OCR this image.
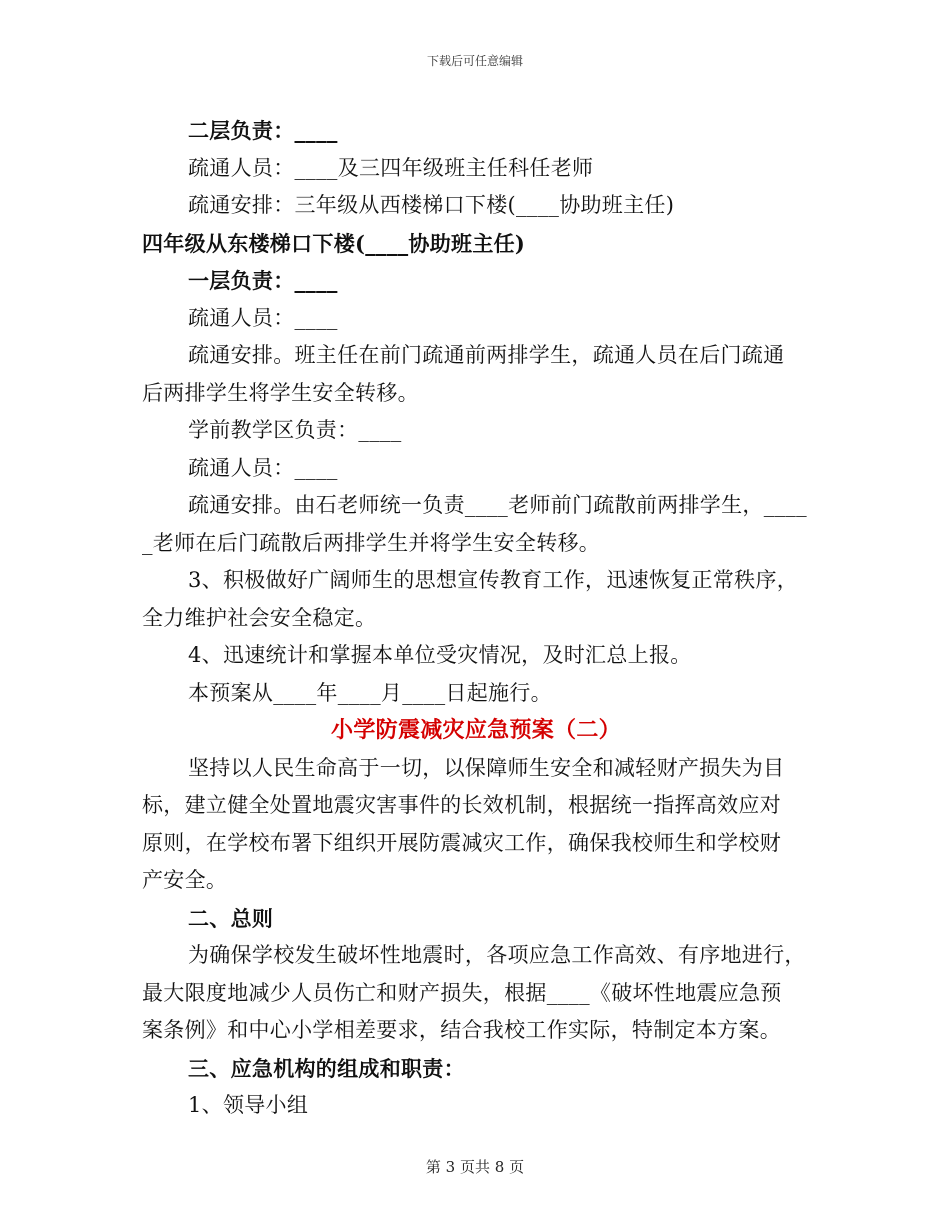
下载后可任意编辑
二层负责：____
疏通人员：____及三四年级班主任科任老师
疏通安排：三年级从西楼梯口下楼(____协助班主任)
四年级从东楼梯口下楼(____协助班主任)
一层负责：____
疏通人员：____
疏通安排。班主任在前门疏通前两排学生，疏通人员在后门疏通
后两排学生将学生安全转移。
学前教学区负责：____
疏通人员：____
疏通安排。由石老师统一负责____老师前门疏散前两排学生，____
_老师在后门疏散后两排学生并将学生安全转移。
3、积极做好广阔师生的思想宣传教育工作，迅速恢复正常秩序，
全力维护社会安全稳定。
4、迅速统计和掌握本单位受灾情况，及时汇总上报。
本预案从____年____月____日起施行。
小学防震减灾应急预案（二）
坚持以人民生命高于一切，以保障师生安全和减轻财产损失为目
标，建立健全处置地震灾害事件的长效机制，根据统一指挥高效应对
原则，在学校布署下组织开展防震减灾工作，确保我校师生和学校财
产安全。
二、总则
为确保学校发生破坏性地震时，各项应急工作高效、有序地进行，
最大限度地减少人员伤亡和财产损失，根据____《破坏性地震应急预
案条例》和中心小学相差要求，结合我校工作实际，特制定本方案。
三、应急机构的组成和职责：
1、领导小组
第 3 页共 8 页
